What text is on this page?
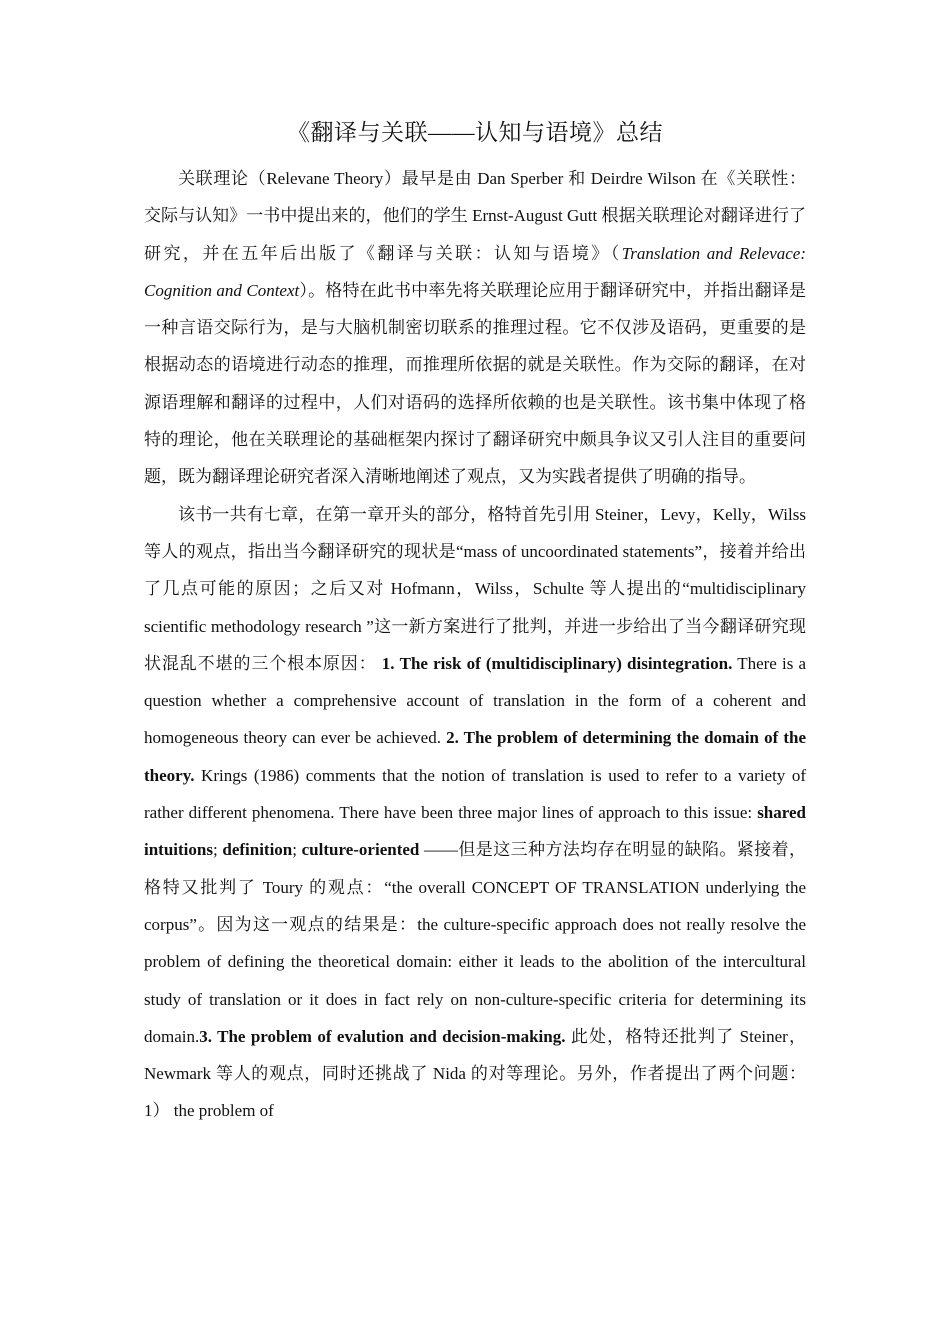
《翻译与关联——认知与语境》总结

关联理论（Relevane Theory）最早是由 Dan Sperber 和 Deirdre Wilson 在《关联性：交际与认知》一书中提出来的，他们的学生 Ernst-August Gutt 根据关联理论对翻译进行了研究，并在五年后出版了《翻译与关联：认知与语境》（Translation and Relevace: Cognition and Context）。格特在此书中率先将关联理论应用于翻译研究中，并指出翻译是一种言语交际行为，是与大脑机制密切联系的推理过程。它不仅涉及语码，更重要的是根据动态的语境进行动态的推理，而推理所依据的就是关联性。作为交际的翻译，在对源语理解和翻译的过程中，人们对语码的选择所依赖的也是关联性。该书集中体现了格特的理论，他在关联理论的基础框架内探讨了翻译研究中颇具争议又引人注目的重要问题，既为翻译理论研究者深入清晰地阐述了观点，又为实践者提供了明确的指导。

该书一共有七章，在第一章开头的部分，格特首先引用 Steiner，Levy，Kelly，Wilss 等人的观点，指出当今翻译研究的现状是“mass of uncoordinated statements”，接着并给出了几点可能的原因；之后又对 Hofmann，Wilss，Schulte 等人提出的“multidisciplinary scientific methodology research ”这一新方案进行了批判，并进一步给出了当今翻译研究现状混乱不堪的三个根本原因： 1. The risk of (multidisciplinary) disintegration. There is a question whether a comprehensive account of translation in the form of a coherent and homogeneous theory can ever be achieved. 2. The problem of determining the domain of the theory. Krings (1986) comments that the notion of translation is used to refer to a variety of rather different phenomena. There have been three major lines of approach to this issue: shared intuitions; definition; culture-oriented ——但是这三种方法均存在明显的缺陷。紧接着，格特又批判了 Toury 的观点：“the overall CONCEPT OF TRANSLATION underlying the corpus”。因为这一观点的结果是：the culture-specific approach does not really resolve the problem of defining the theoretical domain: either it leads to the abolition of the intercultural study of translation or it does in fact rely on non-culture-specific criteria for determining its domain.3. The problem of evalution and decision-making. 此处，格特还批判了 Steiner，Newmark 等人的观点，同时还挑战了 Nida 的对等理论。另外，作者提出了两个问题：1） the problem of
